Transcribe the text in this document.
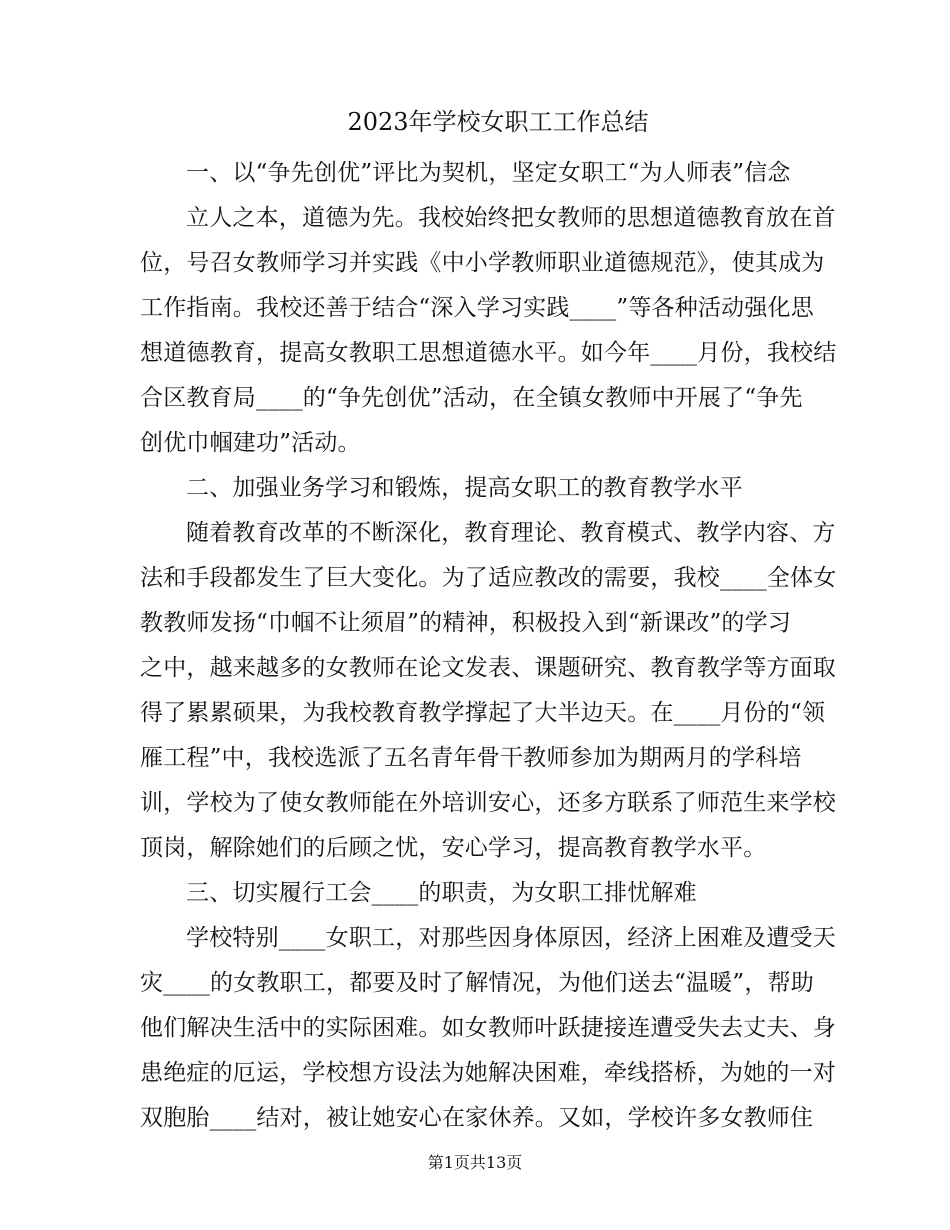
2023年学校女职工工作总结
一、以“争先创优”评比为契机，坚定女职工“为人师表”信念
立人之本，道德为先。我校始终把女教师的思想道德教育放在首
位，号召女教师学习并实践《中小学教师职业道德规范》，使其成为
工作指南。我校还善于结合“深入学习实践____”等各种活动强化思
想道德教育，提高女教职工思想道德水平。如今年____月份，我校结
合区教育局____的“争先创优”活动，在全镇女教师中开展了“争先
创优巾帼建功”活动。
二、加强业务学习和锻炼，提高女职工的教育教学水平
随着教育改革的不断深化，教育理论、教育模式、教学内容、方
法和手段都发生了巨大变化。为了适应教改的需要，我校____全体女
教教师发扬“巾帼不让须眉”的精神，积极投入到“新课改”的学习
之中，越来越多的女教师在论文发表、课题研究、教育教学等方面取
得了累累硕果，为我校教育教学撑起了大半边天。在____月份的“领
雁工程”中，我校选派了五名青年骨干教师参加为期两月的学科培
训，学校为了使女教师能在外培训安心，还多方联系了师范生来学校
顶岗，解除她们的后顾之忧，安心学习，提高教育教学水平。
三、切实履行工会____的职责，为女职工排忧解难
学校特别____女职工，对那些因身体原因，经济上困难及遭受天
灾____的女教职工，都要及时了解情况，为他们送去“温暖”，帮助
他们解决生活中的实际困难。如女教师叶跃捷接连遭受失去丈夫、身
患绝症的厄运，学校想方设法为她解决困难，牵线搭桥，为她的一对
双胞胎____结对，被让她安心在家休养。又如，学校许多女教师住
第1页共13页
